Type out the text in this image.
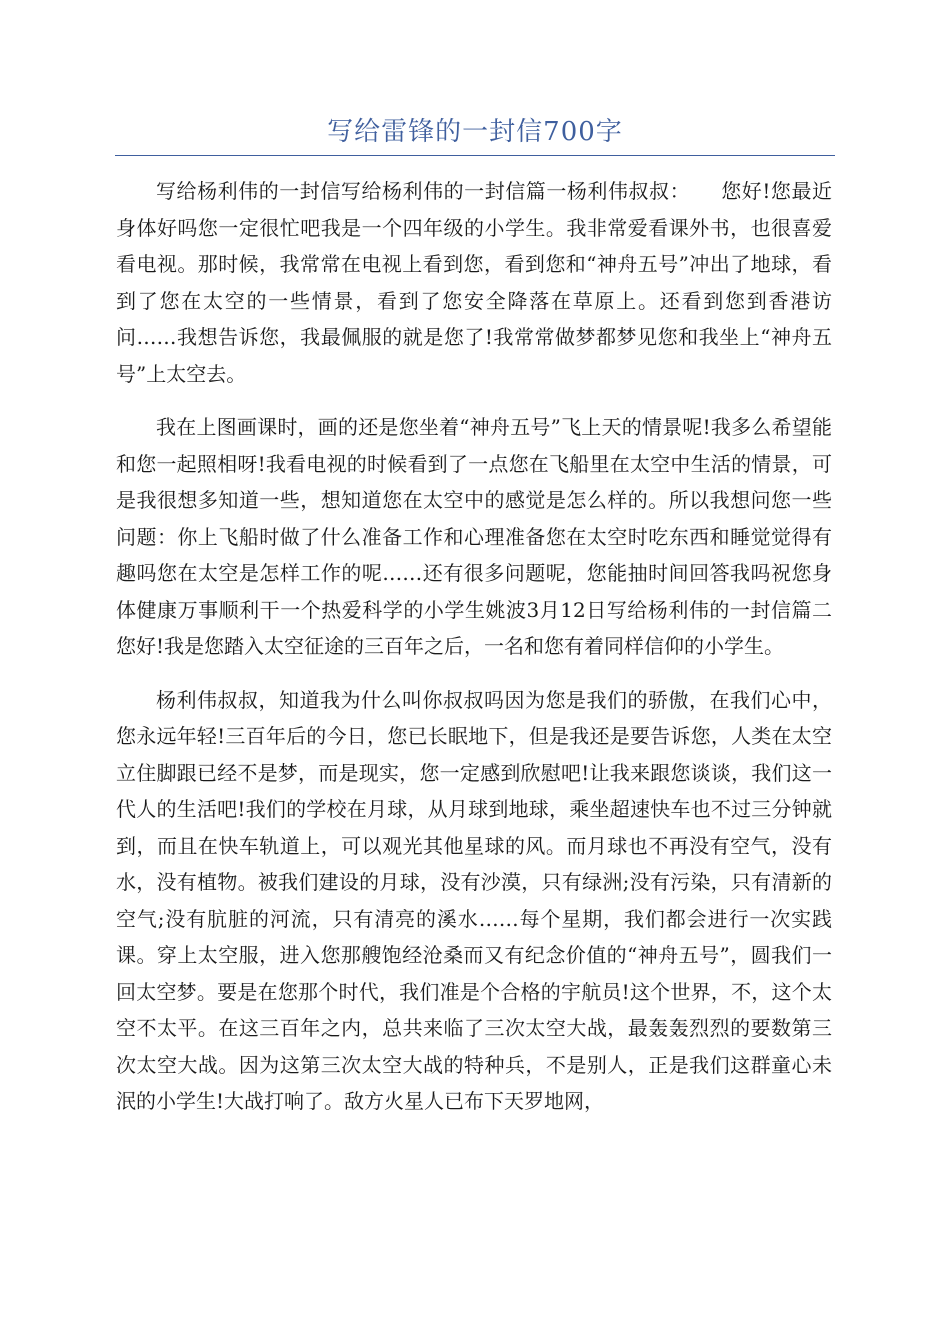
写给雷锋的一封信700字

写给杨利伟的一封信写给杨利伟的一封信篇一杨利伟叔叔：　　您好!您最近身体好吗您一定很忙吧我是一个四年级的小学生。我非常爱看课外书，也很喜爱看电视。那时候，我常常在电视上看到您，看到您和“神舟五号”冲出了地球，看到了您在太空的一些情景，看到了您安全降落在草原上。还看到您到香港访问……我想告诉您，我最佩服的就是您了!我常常做梦都梦见您和我坐上“神舟五号”上太空去。

我在上图画课时，画的还是您坐着“神舟五号”飞上天的情景呢!我多么希望能和您一起照相呀!我看电视的时候看到了一点您在飞船里在太空中生活的情景，可是我很想多知道一些，想知道您在太空中的感觉是怎么样的。所以我想问您一些问题：你上飞船时做了什么准备工作和心理准备您在太空时吃东西和睡觉觉得有趣吗您在太空是怎样工作的呢……还有很多问题呢，您能抽时间回答我吗祝您身体健康万事顺利干一个热爱科学的小学生姚波3月12日写给杨利伟的一封信篇二您好!我是您踏入太空征途的三百年之后，一名和您有着同样信仰的小学生。

杨利伟叔叔，知道我为什么叫你叔叔吗因为您是我们的骄傲，在我们心中，您永远年轻!三百年后的今日，您已长眠地下，但是我还是要告诉您，人类在太空立住脚跟已经不是梦，而是现实，您一定感到欣慰吧!让我来跟您谈谈，我们这一代人的生活吧!我们的学校在月球，从月球到地球，乘坐超速快车也不过三分钟就到，而且在快车轨道上，可以观光其他星球的风。而月球也不再没有空气，没有水，没有植物。被我们建设的月球，没有沙漠，只有绿洲;没有污染，只有清新的空气;没有肮脏的河流，只有清亮的溪水……每个星期，我们都会进行一次实践课。穿上太空服，进入您那艘饱经沧桑而又有纪念价值的“神舟五号”，圆我们一回太空梦。要是在您那个时代，我们准是个合格的宇航员!这个世界，不，这个太空不太平。在这三百年之内，总共来临了三次太空大战，最轰轰烈烈的要数第三次太空大战。因为这第三次太空大战的特种兵，不是别人，正是我们这群童心未泯的小学生!大战打响了。敌方火星人已布下天罗地网，
